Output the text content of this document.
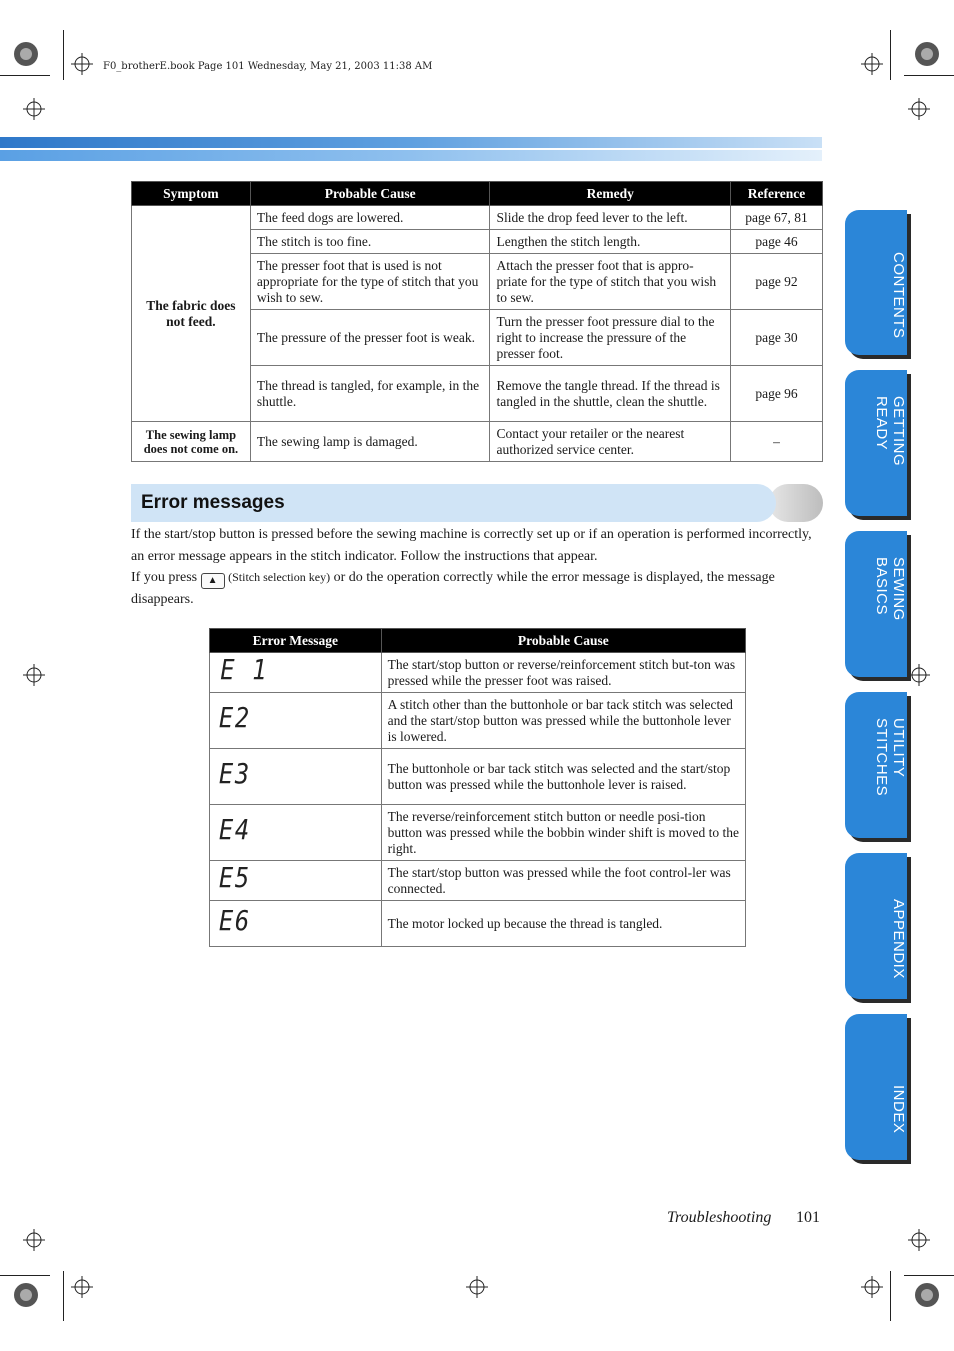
F0_brotherE.book Page 101 Wednesday, May 21, 2003 11:38 AM
Symptom	Probable Cause	Remedy	Reference
The fabric does not feed.	The feed dogs are lowered.	Slide the drop feed lever to the left.	page 67, 81
	The stitch is too fine.	Lengthen the stitch length.	page 46
	The presser foot that is used is not appropriate for the type of stitch that you wish to sew.	Attach the presser foot that is appro-priate for the type of stitch that you wish to sew.	page 92
	The pressure of the presser foot is weak.	Turn the presser foot pressure dial to the right to increase the pressure of the presser foot.	page 30
	The thread is tangled, for example, in the shuttle.	Remove the tangle thread. If the thread is tangled in the shuttle, clean the shuttle.	page 96
The sewing lamp does not come on.	The sewing lamp is damaged.	Contact your retailer or the nearest authorized service center.	–
Error messages
If the start/stop button is pressed before the sewing machine is correctly set up or if an operation is performed incorrectly, an error message appears in the stitch indicator. Follow the instructions that appear.
If you press ▲ (Stitch selection key) or do the operation correctly while the error message is displayed, the message disappears.
Error Message	Probable Cause
E 1	The start/stop button or reverse/reinforcement stitch but-ton was pressed while the presser foot was raised.
E2	A stitch other than the buttonhole or bar tack stitch was selected and the start/stop button was pressed while the buttonhole lever is lowered.
E3	The buttonhole or bar tack stitch was selected and the start/stop button was pressed while the buttonhole lever is raised.
E4	The reverse/reinforcement stitch button or needle posi-tion button was pressed while the bobbin winder shift is moved to the right.
E5	The start/stop button was pressed while the foot control-ler was connected.
E6	The motor locked up because the thread is tangled.
CONTENTS
GETTING READY
SEWING BASICS
UTILITY STITCHES
APPENDIX
INDEX
Troubleshooting 101
